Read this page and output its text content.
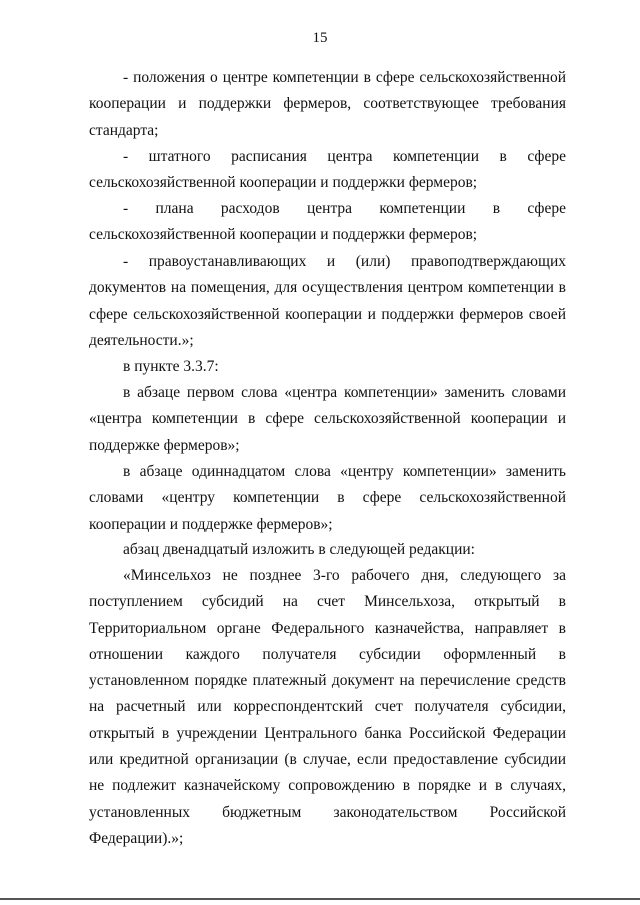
15

- положения о центре компетенции в сфере сельскохозяйственной кооперации и поддержки фермеров, соответствующее требования стандарта;

- штатного расписания центра компетенции в сфере сельскохозяйственной кооперации и поддержки фермеров;

- плана расходов центра компетенции в сфере сельскохозяйственной кооперации и поддержки фермеров;

- правоустанавливающих и (или) правоподтверждающих документов на помещения, для осуществления центром компетенции в сфере сельскохозяйственной кооперации и поддержки фермеров своей деятельности.»;

в пункте 3.3.7:

в абзаце первом слова «центра компетенции» заменить словами «центра компетенции в сфере сельскохозяйственной кооперации и поддержке фермеров»;

в абзаце одиннадцатом слова «центру компетенции» заменить словами «центру компетенции в сфере сельскохозяйственной кооперации и поддержке фермеров»;

абзац двенадцатый изложить в следующей редакции:

«Минсельхоз не позднее 3-го рабочего дня, следующего за поступлением субсидий на счет Минсельхоза, открытый в Территориальном органе Федерального казначейства, направляет в отношении каждого получателя субсидии оформленный в установленном порядке платежный документ на перечисление средств на расчетный или корреспондентский счет получателя субсидии, открытый в учреждении Центрального банка Российской Федерации или кредитной организации (в случае, если предоставление субсидии не подлежит казначейскому сопровождению в порядке и в случаях, установленных бюджетным законодательством Российской Федерации).»;
